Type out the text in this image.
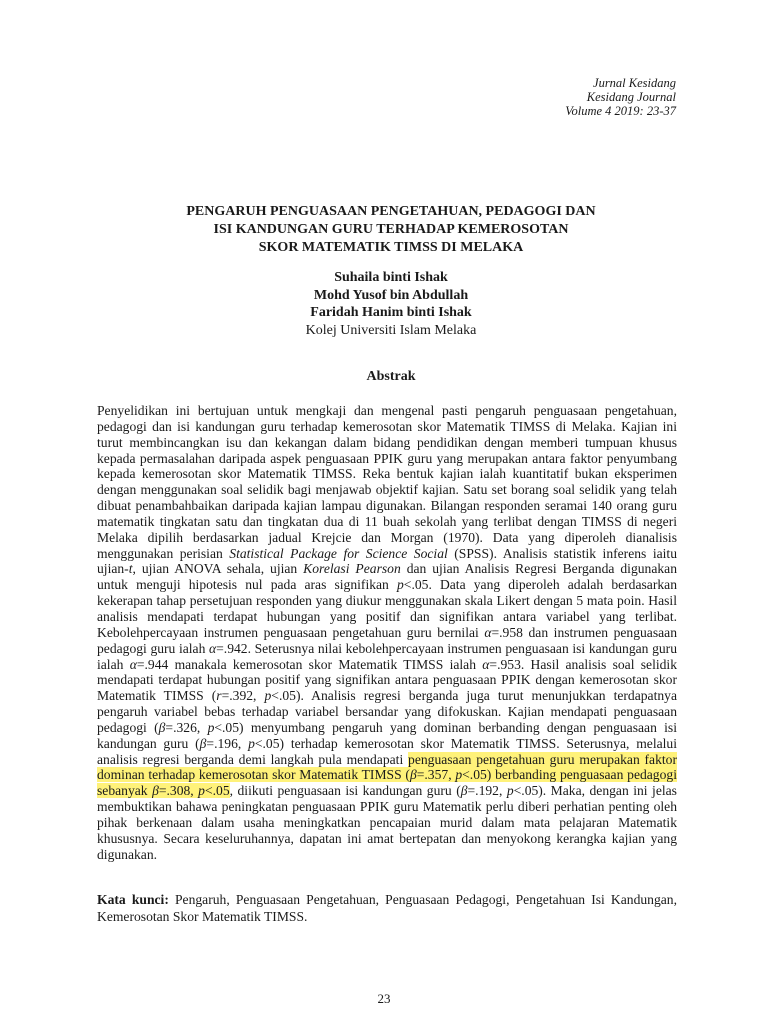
Jurnal Kesidang
Kesidang Journal
Volume 4 2019: 23-37
PENGARUH PENGUASAAN PENGETAHUAN, PEDAGOGI DAN
ISI KANDUNGAN GURU TERHADAP KEMEROSOTAN
SKOR MATEMATIK TIMSS DI MELAKA
Suhaila binti Ishak
Mohd Yusof bin Abdullah
Faridah Hanim binti Ishak
Kolej Universiti Islam Melaka
Abstrak

Penyelidikan ini bertujuan untuk mengkaji dan mengenal pasti pengaruh penguasaan pengetahuan, pedagogi dan isi kandungan guru terhadap kemerosotan skor Matematik TIMSS di Melaka. Kajian ini turut membincangkan isu dan kekangan dalam bidang pendidikan dengan memberi tumpuan khusus kepada permasalahan daripada aspek penguasaan PPIK guru yang merupakan antara faktor penyumbang kepada kemerosotan skor Matematik TIMSS. Reka bentuk kajian ialah kuantitatif bukan eksperimen dengan menggunakan soal selidik bagi menjawab objektif kajian. Satu set borang soal selidik yang telah dibuat penambahbaikan daripada kajian lampau digunakan. Bilangan responden seramai 140 orang guru matematik tingkatan satu dan tingkatan dua di 11 buah sekolah yang terlibat dengan TIMSS di negeri Melaka dipilih berdasarkan jadual Krejcie dan Morgan (1970). Data yang diperoleh dianalisis menggunakan perisian Statistical Package for Science Social (SPSS). Analisis statistik inferens iaitu ujian-t, ujian ANOVA sehala, ujian Korelasi Pearson dan ujian Analisis Regresi Berganda digunakan untuk menguji hipotesis nul pada aras signifikan p<.05. Data yang diperoleh adalah berdasarkan kekerapan tahap persetujuan responden yang diukur menggunakan skala Likert dengan 5 mata poin. Hasil analisis mendapati terdapat hubungan yang positif dan signifikan antara variabel yang terlibat. Kebolehpercayaan instrumen penguasaan pengetahuan guru bernilai α=.958 dan instrumen penguasaan pedagogi guru ialah α=.942. Seterusnya nilai kebolehpercayaan instrumen penguasaan isi kandungan guru ialah α=.944 manakala kemerosotan skor Matematik TIMSS ialah α=.953. Hasil analisis soal selidik mendapati terdapat hubungan positif yang signifikan antara penguasaan PPIK dengan kemerosotan skor Matematik TIMSS (r=.392, p<.05). Analisis regresi berganda juga turut menunjukkan terdapatnya pengaruh variabel bebas terhadap variabel bersandar yang difokuskan. Kajian mendapati penguasaan pedagogi (β=.326, p<.05) menyumbang pengaruh yang dominan berbanding dengan penguasaan isi kandungan guru (β=.196, p<.05) terhadap kemerosotan skor Matematik TIMSS. Seterusnya, melalui analisis regresi berganda demi langkah pula mendapati penguasaan pengetahuan guru merupakan faktor dominan terhadap kemerosotan skor Matematik TIMSS (β=.357, p<.05) berbanding penguasaan pedagogi sebanyak β=.308, p<.05, diikuti penguasaan isi kandungan guru (β=.192, p<.05). Maka, dengan ini jelas membuktikan bahawa peningkatan penguasaan PPIK guru Matematik perlu diberi perhatian penting oleh pihak berkenaan dalam usaha meningkatkan pencapaian murid dalam mata pelajaran Matematik khususnya. Secara keseluruhannya, dapatan ini amat bertepatan dan menyokong kerangka kajian yang digunakan.

Kata kunci: Pengaruh, Penguasaan Pengetahuan, Penguasaan Pedagogi, Pengetahuan Isi Kandungan, Kemerosotan Skor Matematik TIMSS.

23
